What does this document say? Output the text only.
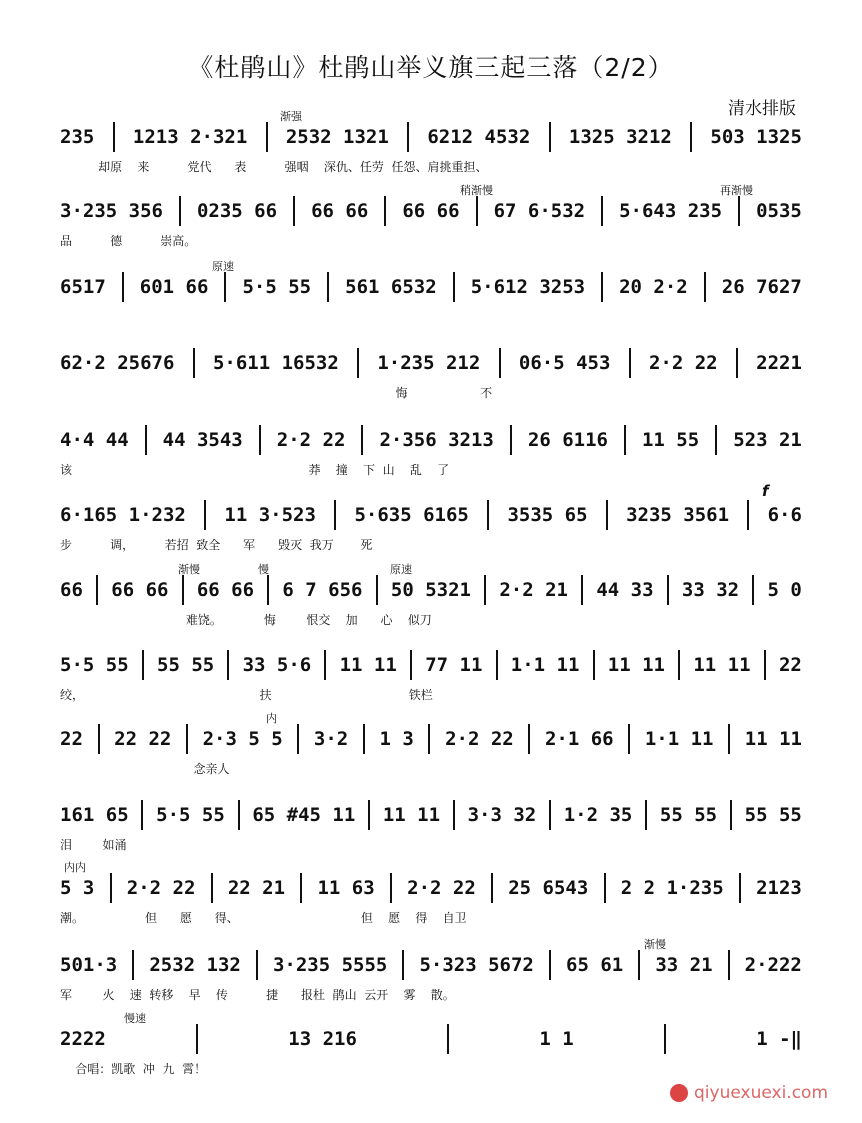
《杜鹃山》杜鹃山举义旗三起三落（2/2）
清水排版
235 1213 2·321 2532 1321 6212 4532 1325 3212 503 1325
却原    来          党代      表          强咽    深仇、任劳  任怨、肩挑重担、
渐强
3·235 356 0235 66 66 66 66 66 67 6·532 5·643 235 0535
品          德          崇高。
稍渐慢	再渐慢
6517 601 66 5·5 55 561 6532 5·612 3253 20 2·2 26 7627
原速
62·2 25676 5·611 16532 1·235 212 06·5 453 2·2 22 2221
悔                   不
4·4 44 44 3543 2·2 22 2·356 3213 26 6116 11 55 523 21
该                                                              莽    撞    下  山    乱    了
6·165 1·232 11 3·523 5·635 6165 3535 65 3235 3561 6·6
步          调，        若招  致全      军      毁灭  我万       死
f
66 66 66 66 66 6 7 656 50 5321 2·2 21 44 33 33 32 5 0
难饶。           悔        恨交    加      心    似刀
渐慢	慢	原速
5·5 55 55 55 33 5·6 11 11 77 11 1·1 11 11 11 11 11 22
绞，                                              扶                                    铁栏
22 22 22 2·3 5 5 3·2 1 3 2·2 22 2·1 66 1·1 11 11 11
念亲人
内
161 65 5·5 55 65 #45 11 11 11 3·3 32 1·2 35 55 55 55 55
泪        如涌
5 3 2·2 22 22 21 11 63 2·2 22 25 6543 2 2 1·235 2123
潮。                但      愿      得、                                但    愿    得    自卫
内内
501·3 2532 132 3·235 5555 5·323 5672 65 61 33 21 2·222
军        火    速  转移    早    传          捷      报杜  鹃山  云开    雾    散。
渐慢
2222	13 216	1 1	1 -‖
合唱：凯歌  冲  九  霄！
慢速
qiyuexuexi.com
